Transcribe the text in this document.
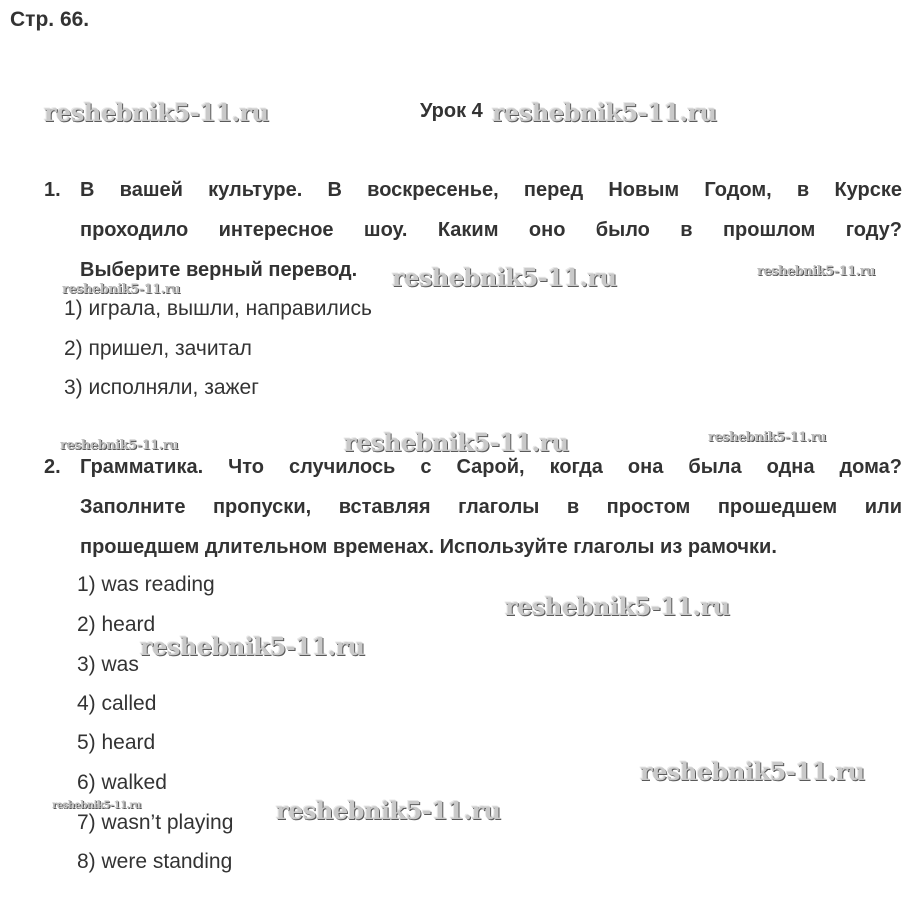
Стр. 66.
Урок 4
1. В вашей культуре. В воскресенье, перед Новым Годом, в Курске
проходило интересное шоу. Каким оно было в прошлом году?
Выберите верный перевод.
1) играла, вышли, направились
2) пришел, зачитал
3) исполняли, зажег
2. Грамматика. Что случилось с Сарой, когда она была одна дома?
Заполните пропуски, вставляя глаголы в простом прошедшем или
прошедшем длительном временах. Используйте глаголы из рамочки.
1) was reading
2) heard
3) was
4) called
5) heard
6) walked
7) wasn’t playing
8) were standing
reshebnik5-11.ru	reshebnik5-11.ru
reshebnik5-11.ru	reshebnik5-11.ru
reshebnik5-11.ru
reshebnik5-11.ru	reshebnik5-11.ru	reshebnik5-11.ru
reshebnik5-11.ru
reshebnik5-11.ru
reshebnik5-11.ru
reshebnik5-11.ru	reshebnik5-11.ru
